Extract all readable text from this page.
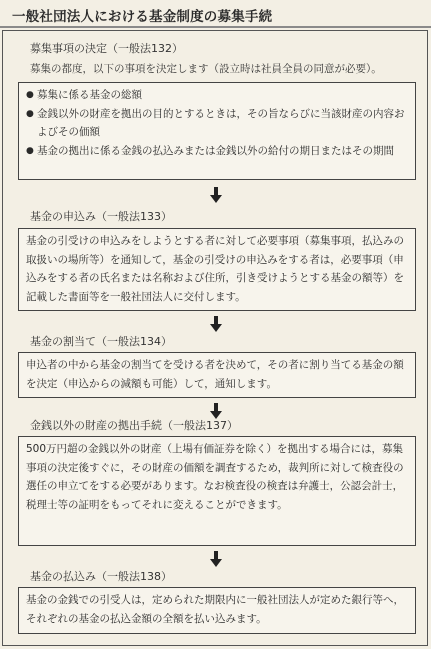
一般社団法人における基金制度の募集手続
募集事項の決定（一般法132）
募集の都度，以下の事項を決定します（設立時は社員全員の同意が必要）。
● 募集に係る基金の総額
● 金銭以外の財産を拠出の目的とするときは，その旨ならびに当該財産の内容およびその価額
● 基金の拠出に係る金銭の払込みまたは金銭以外の給付の期日またはその期間
基金の申込み（一般法133）

基金の引受けの申込みをしようとする者に対して必要事項（募集事項，払込みの取扱いの場所等）を通知して，基金の引受けの申込みをする者は，必要事項（申込みをする者の氏名または名称および住所，引き受けようとする基金の額等）を記載した書面等を一般社団法人に交付します。

基金の割当て（一般法134）

申込者の中から基金の割当てを受ける者を決めて，その者に割り当てる基金の額を決定（申込からの減額も可能）して，通知します。

金銭以外の財産の拠出手続（一般法137）

500万円超の金銭以外の財産（上場有価証券を除く）を拠出する場合には，募集事項の決定後すぐに，その財産の価額を調査するため，裁判所に対して検査役の選任の申立てをする必要があります。なお検査役の検査は弁護士，公認会計士，税理士等の証明をもってそれに変えることができます。

基金の払込み（一般法138）

基金の金銭での引受人は，定められた期限内に一般社団法人が定めた銀行等へ，それぞれの基金の払込金額の全額を払い込みます。
